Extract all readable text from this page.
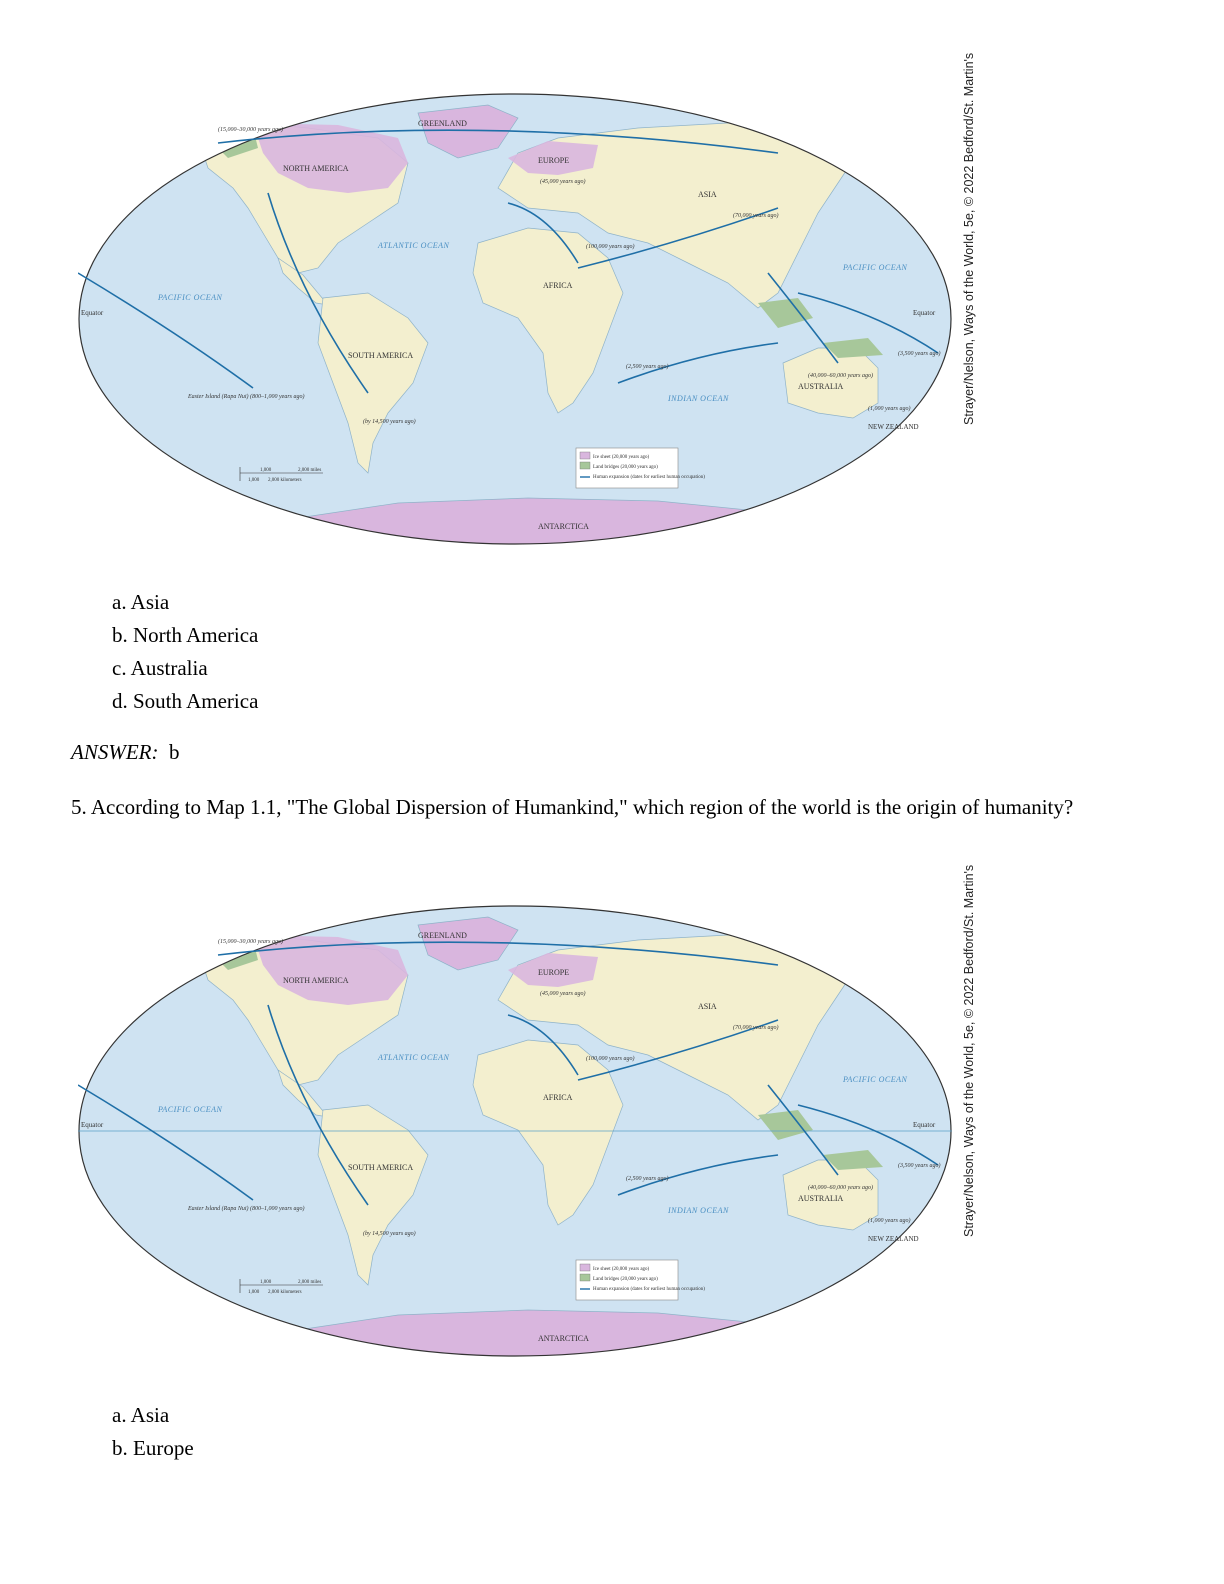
GREENLAND
NORTH AMERICA
EUROPE
ASIA
AFRICA
SOUTH AMERICA
AUSTRALIA
NEW ZEALAND
ANTARCTICA
ATLANTIC OCEAN
PACIFIC OCEAN
PACIFIC OCEAN
INDIAN OCEAN
Equator	Equator
(15,000–30,000 years ago)
(45,000 years ago)
(70,000 years ago)
(100,000 years ago)
(2,500 years ago)
(40,000–60,000 years ago)
(3,500 years ago)
(1,000 years ago)
(by 14,500 years ago)
Easter Island (Rapa Nui) (800–1,000 years ago)
Ice sheet (20,000 years ago)
Land bridges (20,000 years ago)
Human expansion (dates for earliest human occupation)
1,000	2,000 miles
1,000 2,000 kilometers
Strayer/Nelson, Ways of the World, 5e, © 2022 Bedford/St. Martin's
a. Asia
b. North America
c. Australia
d. South America
ANSWER: b
5. According to Map 1.1, "The Global Dispersion of Humankind," which region of the world is the origin of humanity?
GREENLAND
NORTH AMERICA
EUROPE
ASIA
AFRICA
SOUTH AMERICA
AUSTRALIA
NEW ZEALAND
ANTARCTICA
ATLANTIC OCEAN
PACIFIC OCEAN
PACIFIC OCEAN
INDIAN OCEAN
Equator	Equator
(15,000–30,000 years ago)
(45,000 years ago)
(70,000 years ago)
(100,000 years ago)
(2,500 years ago)
(40,000–60,000 years ago)
(3,500 years ago)
(1,000 years ago)
(by 14,500 years ago)
Easter Island (Rapa Nui) (800–1,000 years ago)
Ice sheet (20,000 years ago)
Land bridges (20,000 years ago)
Human expansion (dates for earliest human occupation)
1,000	2,000 miles
1,000 2,000 kilometers
Strayer/Nelson, Ways of the World, 5e, © 2022 Bedford/St. Martin's
a. Asia
b. Europe
